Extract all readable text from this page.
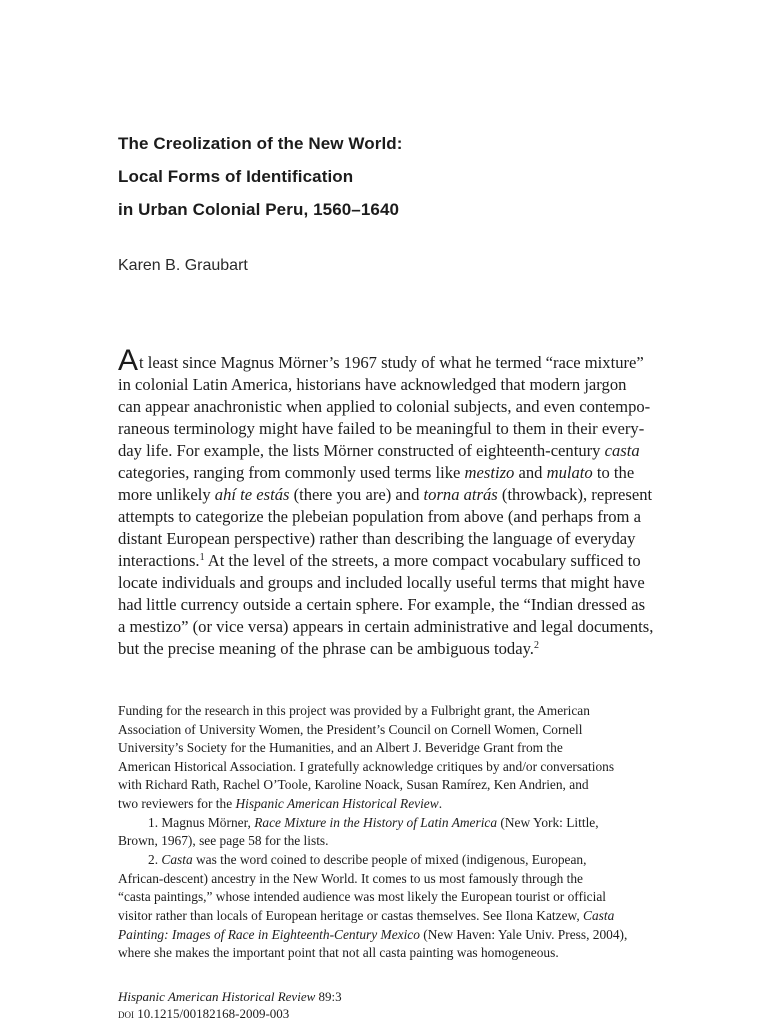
The Creolization of the New World:
Local Forms of Identification
in Urban Colonial Peru, 1560–1640
Karen B. Graubart

At least since Magnus Mörner’s 1967 study of what he termed “race mixture”

in colonial Latin America, historians have acknowledged that modern jargon

can appear anachronistic when applied to colonial subjects, and even contempo-

raneous terminology might have failed to be meaningful to them in their every-

day life. For example, the lists Mörner constructed of eighteenth-century casta

categories, ranging from commonly used terms like mestizo and mulato to the

more unlikely ahí te estás (there you are) and torna atrás (throwback), represent

attempts to categorize the plebeian population from above (and perhaps from a

distant European perspective) rather than describing the language of everyday

interactions.$^1$ At the level of the streets, a more compact vocabulary sufficed to

locate individuals and groups and included locally useful terms that might have

had little currency outside a certain sphere. For example, the “Indian dressed as

a mestizo” (or vice versa) appears in certain administrative and legal documents,

but the precise meaning of the phrase can be ambiguous today.$^2$

Funding for the research in this project was provided by a Fulbright grant, the American

Association of University Women, the President’s Council on Cornell Women, Cornell

University’s Society for the Humanities, and an Albert J. Beveridge Grant from the

American Historical Association. I gratefully acknowledge critiques by and/or conversations

with Richard Rath, Rachel O’Toole, Karoline Noack, Susan Ramírez, Ken Andrien, and

two reviewers for the Hispanic American Historical Review.

1. Magnus Mörner, Race Mixture in the History of Latin America (New York: Little,

Brown, 1967), see page 58 for the lists.

2. Casta was the word coined to describe people of mixed (indigenous, European,

African-descent) ancestry in the New World. It comes to us most famously through the

“casta paintings,” whose intended audience was most likely the European tourist or official

visitor rather than locals of European heritage or castas themselves. See Ilona Katzew, Casta

Painting: Images of Race in Eighteenth-Century Mexico (New Haven: Yale Univ. Press, 2004),

where she makes the important point that not all casta painting was homogeneous.

Hispanic American Historical Review 89:3
doi 10.1215/00182168-2009-003
